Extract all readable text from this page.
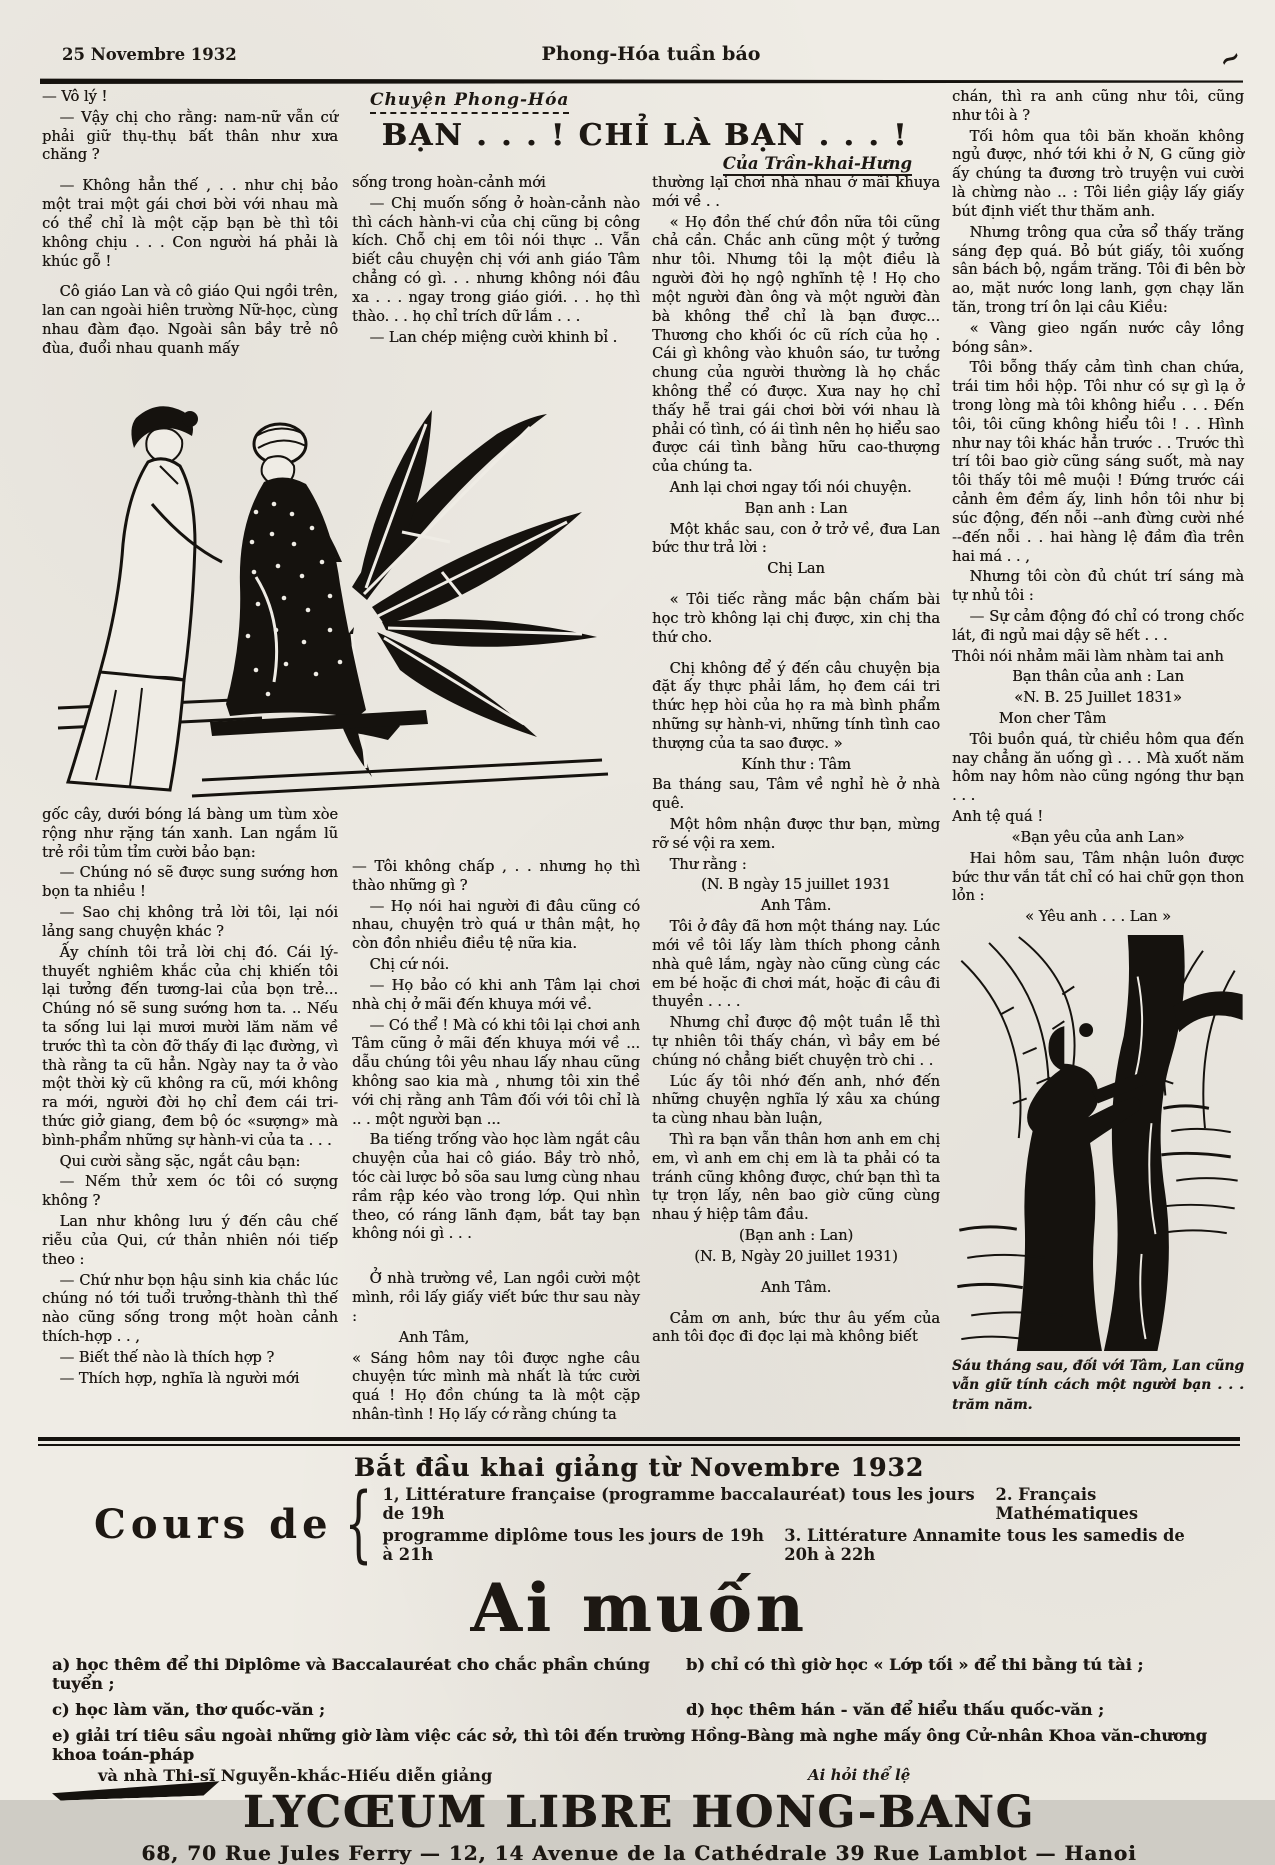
25 Novembre 1932	Phong-Hóa tuần báo	~

— Vô lý !

— Vậy chị cho rằng: nam-nữ vẫn cứ phải giữ thụ-thụ bất thân như xưa chăng ?

— Không hẳn thế , . . như chị bảo một trai một gái chơi bời với nhau mà có thể chỉ là một cặp bạn bè thì tôi không chịu . . . Con người há phải là khúc gỗ !

Cô giáo Lan và cô giáo Qui ngồi trên, lan can ngoài hiên trường Nữ-học, cùng nhau đàm đạo. Ngoài sân bầy trẻ nô đùa, đuổi nhau quanh mấy

Chuyện Phong-Hóa
BẠN . . . ! CHỈ LÀ BẠN . . . !
Của Trần-khai-Hưng

sống trong hoàn-cảnh mới

— Chị muốn sống ở hoàn-cảnh nào thì cách hành-vi của chị cũng bị công kích. Chỗ chị em tôi nói thực .. Vẫn biết câu chuyện chị với anh giáo Tâm chẳng có gì. . . nhưng không nói đâu xa . . . ngay trong giáo giới. . . họ thì thào. . . họ chỉ trích dữ lắm . . .

— Lan chép miệng cười khinh bỉ .

gốc cây, dưới bóng lá bàng um tùm xòe rộng như rặng tán xanh. Lan ngắm lũ trẻ rồi tủm tỉm cười bảo bạn:

— Chúng nó sẽ được sung sướng hơn bọn ta nhiều !

— Sao chị không trả lời tôi, lại nói lảng sang chuyện khác ?

Ấy chính tôi trả lời chị đó. Cái lý-thuyết nghiêm khắc của chị khiến tôi lại tưởng đến tương-lai của bọn trẻ... Chúng nó sẽ sung sướng hơn ta. .. Nếu ta sống lui lại mươi mười lăm năm về trước thì ta còn đỡ thấy đi lạc đường, vì thà rằng ta cũ hẳn. Ngày nay ta ở vào một thời kỳ cũ không ra cũ, mới không ra mới, người đời họ chỉ đem cái tri-thức giở giang, đem bộ óc «sượng» mà bình-phẩm những sự hành-vi của ta . . .

Qui cười sằng sặc, ngắt câu bạn:

— Nếm thử xem óc tôi có sượng không ?

Lan như không lưu ý đến câu chế riễu của Qui, cứ thản nhiên nói tiếp theo :

— Chứ như bọn hậu sinh kia chắc lúc chúng nó tới tuổi trưởng-thành thì thế nào cũng sống trong một hoàn cảnh thích-hợp . . ,

— Biết thế nào là thích hợp ?

— Thích hợp, nghĩa là người mới

— Tôi không chấp , . . nhưng họ thì thào những gì ?

— Họ nói hai người đi đâu cũng có nhau, chuyện trò quá ư thân mật, họ còn đồn nhiều điều tệ nữa kia.

Chị cứ nói.

— Họ bảo có khi anh Tâm lại chơi nhà chị ở mãi đến khuya mới về.

— Có thể ! Mà có khi tôi lại chơi anh Tâm cũng ở mãi đến khuya mới về ... dẫu chúng tôi yêu nhau lấy nhau cũng không sao kia mà , nhưng tôi xin thề với chị rằng anh Tâm đối với tôi chỉ là .. . một người bạn ...

Ba tiếng trống vào học làm ngắt câu chuyện của hai cô giáo. Bầy trò nhỏ, tóc cài lược bỏ sõa sau lưng cùng nhau rầm rập kéo vào trong lớp. Qui nhìn theo, có ráng lãnh đạm, bắt tay bạn không nói gì . . .

Ở nhà trường về, Lan ngồi cười một mình, rồi lấy giấy viết bức thư sau này :

Anh Tâm,

« Sáng hôm nay tôi được nghe câu chuyện tức mình mà nhất là tức cười quá ! Họ đồn chúng ta là một cặp nhân-tình ! Họ lấy cớ rằng chúng ta

thường lại chơi nhà nhau ở mãi khuya mới về . .

« Họ đồn thế chứ đồn nữa tôi cũng chả cần. Chắc anh cũng một ý tưởng như tôi. Nhưng tôi lạ một điều là người đời họ ngộ nghĩnh tệ ! Họ cho một người đàn ông và một người đàn bà không thể chỉ là bạn được... Thương cho khối óc cũ rích của họ . Cái gì không vào khuôn sáo, tư tưởng chung của người thường là họ chắc không thể có được. Xưa nay họ chỉ thấy hễ trai gái chơi bời với nhau là phải có tình, có ái tình nên họ hiểu sao được cái tình bằng hữu cao-thượng của chúng ta.

Anh lại chơi ngay tối nói chuyện.

Bạn anh : Lan

Một khắc sau, con ở trở về, đưa Lan bức thư trả lời :

Chị Lan

« Tôi tiếc rằng mắc bận chấm bài học trò không lại chị được, xin chị tha thứ cho.

Chị không để ý đến câu chuyện bịa đặt ấy thực phải lắm, họ đem cái tri thức hẹp hòi của họ ra mà bình phẩm những sự hành-vi, những tính tình cao thượng của ta sao được. »

Kính thư : Tâm

Ba tháng sau, Tâm về nghỉ hè ở nhà quê.

Một hôm nhận được thư bạn, mừng rỡ sé vội ra xem.

Thư rằng :

(N. B ngày 15 juillet 1931

Anh Tâm.

Tôi ở đây đã hơn một tháng nay. Lúc mới về tôi lấy làm thích phong cảnh nhà quê lắm, ngày nào cũng cùng các em bé hoặc đi chơi mát, hoặc đi câu đi thuyền . . . .

Nhưng chỉ được độ một tuần lễ thì tự nhiên tôi thấy chán, vì bầy em bé chúng nó chẳng biết chuyện trò chi . .

Lúc ấy tôi nhớ đến anh, nhớ đến những chuyện nghĩa lý xâu xa chúng ta cùng nhau bàn luận,

Thì ra bạn vẫn thân hơn anh em chị em, vì anh em chị em là ta phải có ta tránh cũng không được, chứ bạn thì ta tự trọn lấy, nên bao giờ cũng cùng nhau ý hiệp tâm đầu.

(Bạn anh : Lan)

(N. B, Ngày 20 juillet 1931)

Anh Tâm.

Cảm ơn anh, bức thư âu yếm của anh tôi đọc đi đọc lại mà không biết

chán, thì ra anh cũng như tôi, cũng như tôi à ?

Tối hôm qua tôi băn khoăn không ngủ được, nhớ tới khi ở N, G cũng giờ ấy chúng ta đương trò truyện vui cười là chừng nào .. : Tôi liền giậy lấy giấy bút định viết thư thăm anh.

Nhưng trông qua cửa sổ thấy trăng sáng đẹp quá. Bỏ bút giấy, tôi xuống sân bách bộ, ngắm trăng. Tôi đi bên bờ ao, mặt nước long lanh, gợn chạy lăn tăn, trong trí ôn lại câu Kiều:

« Vàng gieo ngấn nước cây lồng bóng sân».

Tôi bỗng thấy cảm tình chan chứa, trái tim hồi hộp. Tôi như có sự gì lạ ở trong lòng mà tôi không hiểu . . . Đến tôi, tôi cũng không hiểu tôi ! . . Hình như nay tôi khác hẳn trước . . Trước thì trí tôi bao giờ cũng sáng suốt, mà nay tôi thấy tôi mê muội ! Đứng trước cái cảnh êm đềm ấy, linh hồn tôi như bị súc động, đến nỗi --anh đừng cười nhé --đến nỗi . . hai hàng lệ đầm đìa trên hai má . . ,

Nhưng tôi còn đủ chút trí sáng mà tự nhủ tôi :

— Sự cảm động đó chỉ có trong chốc lát, đi ngủ mai dậy sẽ hết . . .

Thôi nói nhảm mãi làm nhàm tai anh

Bạn thân của anh : Lan

«N. B. 25 Juillet 1831»

Mon cher Tâm

Tôi buồn quá, từ chiều hôm qua đến nay chẳng ăn uống gì . . . Mà xuốt năm hôm nay hôm nào cũng ngóng thư bạn . . .

Anh tệ quá !

«Bạn yêu của anh Lan»

Hai hôm sau, Tâm nhận luôn được bức thư vắn tắt chỉ có hai chữ gọn thon lỏn :

« Yêu anh . . . Lan »

Sáu tháng sau, đối với Tâm, Lan cũng vẫn giữ tính cách một người bạn . . . trăm năm.

Bắt đầu khai giảng từ Novembre 1932
Cours de { 1, Littérature française (programme baccalauréat) tous les jours de 19h
2. Français Mathématiques
programme diplôme tous les jours de 19h à 21h
3. Littérature Annamite tous les samedis de 20h à 22h
Ai muốn
a) học thêm để thi Diplôme và Baccalauréat cho chắc phần chúng tuyển ;
b) chỉ có thì giờ học « Lớp tối » để thi bằng tú tài ;
c) học làm văn, thơ quốc-văn ;	d) học thêm hán - văn để hiểu thấu quốc-văn ;
e) giải trí tiêu sầu ngoài những giờ làm việc các sở, thì tôi đến trường Hồng-Bàng mà nghe mấy ông Cử-nhân Khoa văn-chương khoa toán-pháp
và nhà Thi-sĩ Nguyễn-khắc-Hiếu diễn giảng	Ai hỏi thể lệ
LYCŒUM LIBRE HONG-BANG
68, 70 Rue Jules Ferry — 12, 14 Avenue de la Cathédrale 39 Rue Lamblot — Hanoi
